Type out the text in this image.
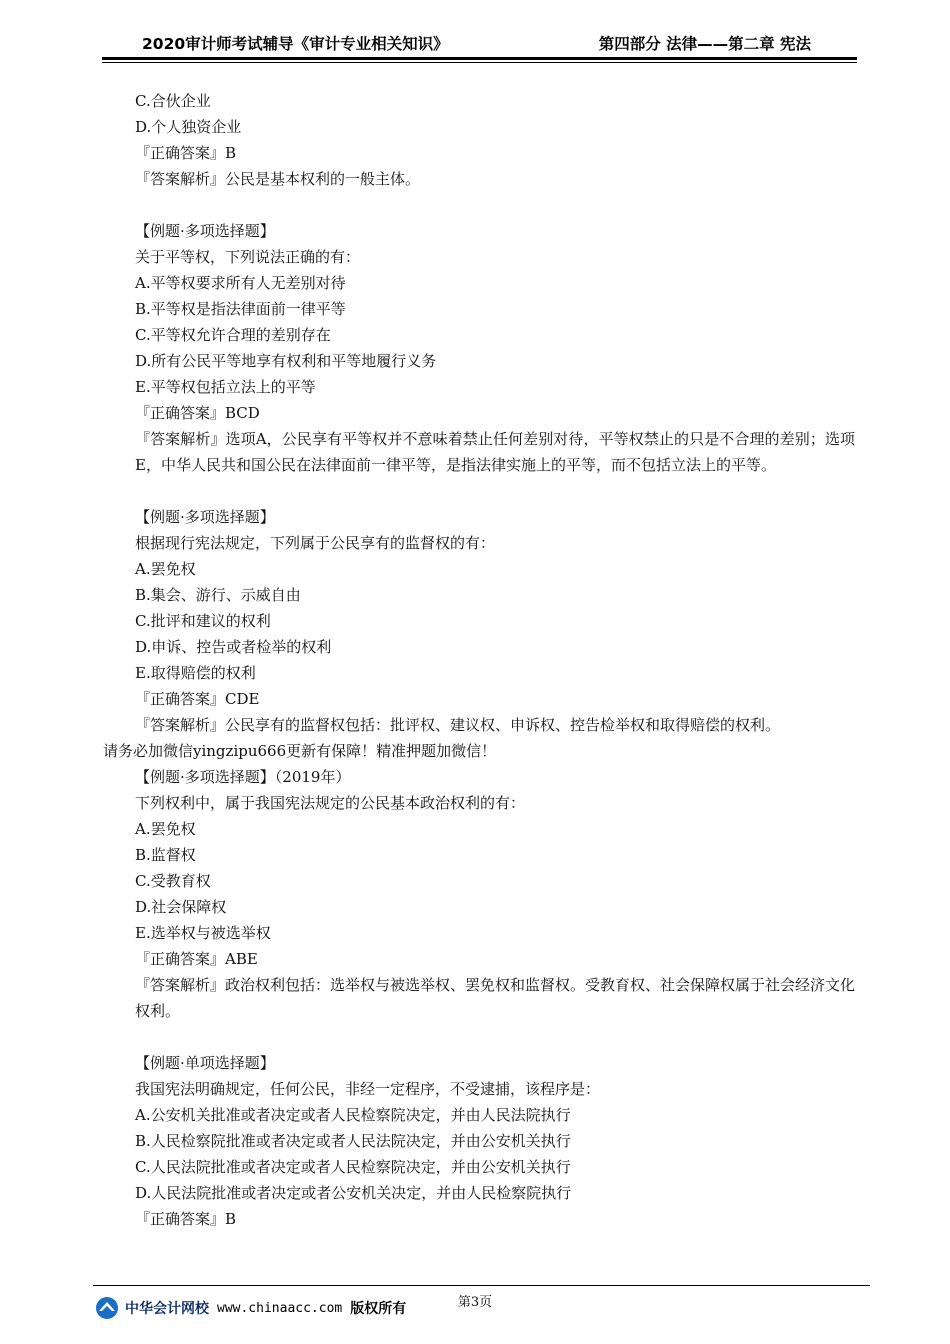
2020审计师考试辅导《审计专业相关知识》	第四部分 法律——第二章 宪法
C.合伙企业
D.个人独资企业
『正确答案』B
『答案解析』公民是基本权利的一般主体。
【例题·多项选择题】
关于平等权，下列说法正确的有：
A.平等权要求所有人无差别对待
B.平等权是指法律面前一律平等
C.平等权允许合理的差别存在
D.所有公民平等地享有权利和平等地履行义务
E.平等权包括立法上的平等
『正确答案』BCD
『答案解析』选项A，公民享有平等权并不意味着禁止任何差别对待，平等权禁止的只是不合理的差别；选项E，中华人民共和国公民在法律面前一律平等，是指法律实施上的平等，而不包括立法上的平等。
【例题·多项选择题】
根据现行宪法规定，下列属于公民享有的监督权的有：
A.罢免权
B.集会、游行、示威自由
C.批评和建议的权利
D.申诉、控告或者检举的权利
E.取得赔偿的权利
『正确答案』CDE
『答案解析』公民享有的监督权包括：批评权、建议权、申诉权、控告检举权和取得赔偿的权利。
请务必加微信yingzipu666更新有保障！精准押题加微信！
【例题·多项选择题】（2019年）
下列权利中，属于我国宪法规定的公民基本政治权利的有：
A.罢免权
B.监督权
C.受教育权
D.社会保障权
E.选举权与被选举权
『正确答案』ABE
『答案解析』政治权利包括：选举权与被选举权、罢免权和监督权。受教育权、社会保障权属于社会经济文化权利。
【例题·单项选择题】
我国宪法明确规定，任何公民，非经一定程序，不受逮捕，该程序是：
A.公安机关批准或者决定或者人民检察院决定，并由人民法院执行
B.人民检察院批准或者决定或者人民法院决定，并由公安机关执行
C.人民法院批准或者决定或者人民检察院决定，并由公安机关执行
D.人民法院批准或者决定或者公安机关决定，并由人民检察院执行
『正确答案』B
第3页
中华会计网校 www.chinaacc.com 版权所有
